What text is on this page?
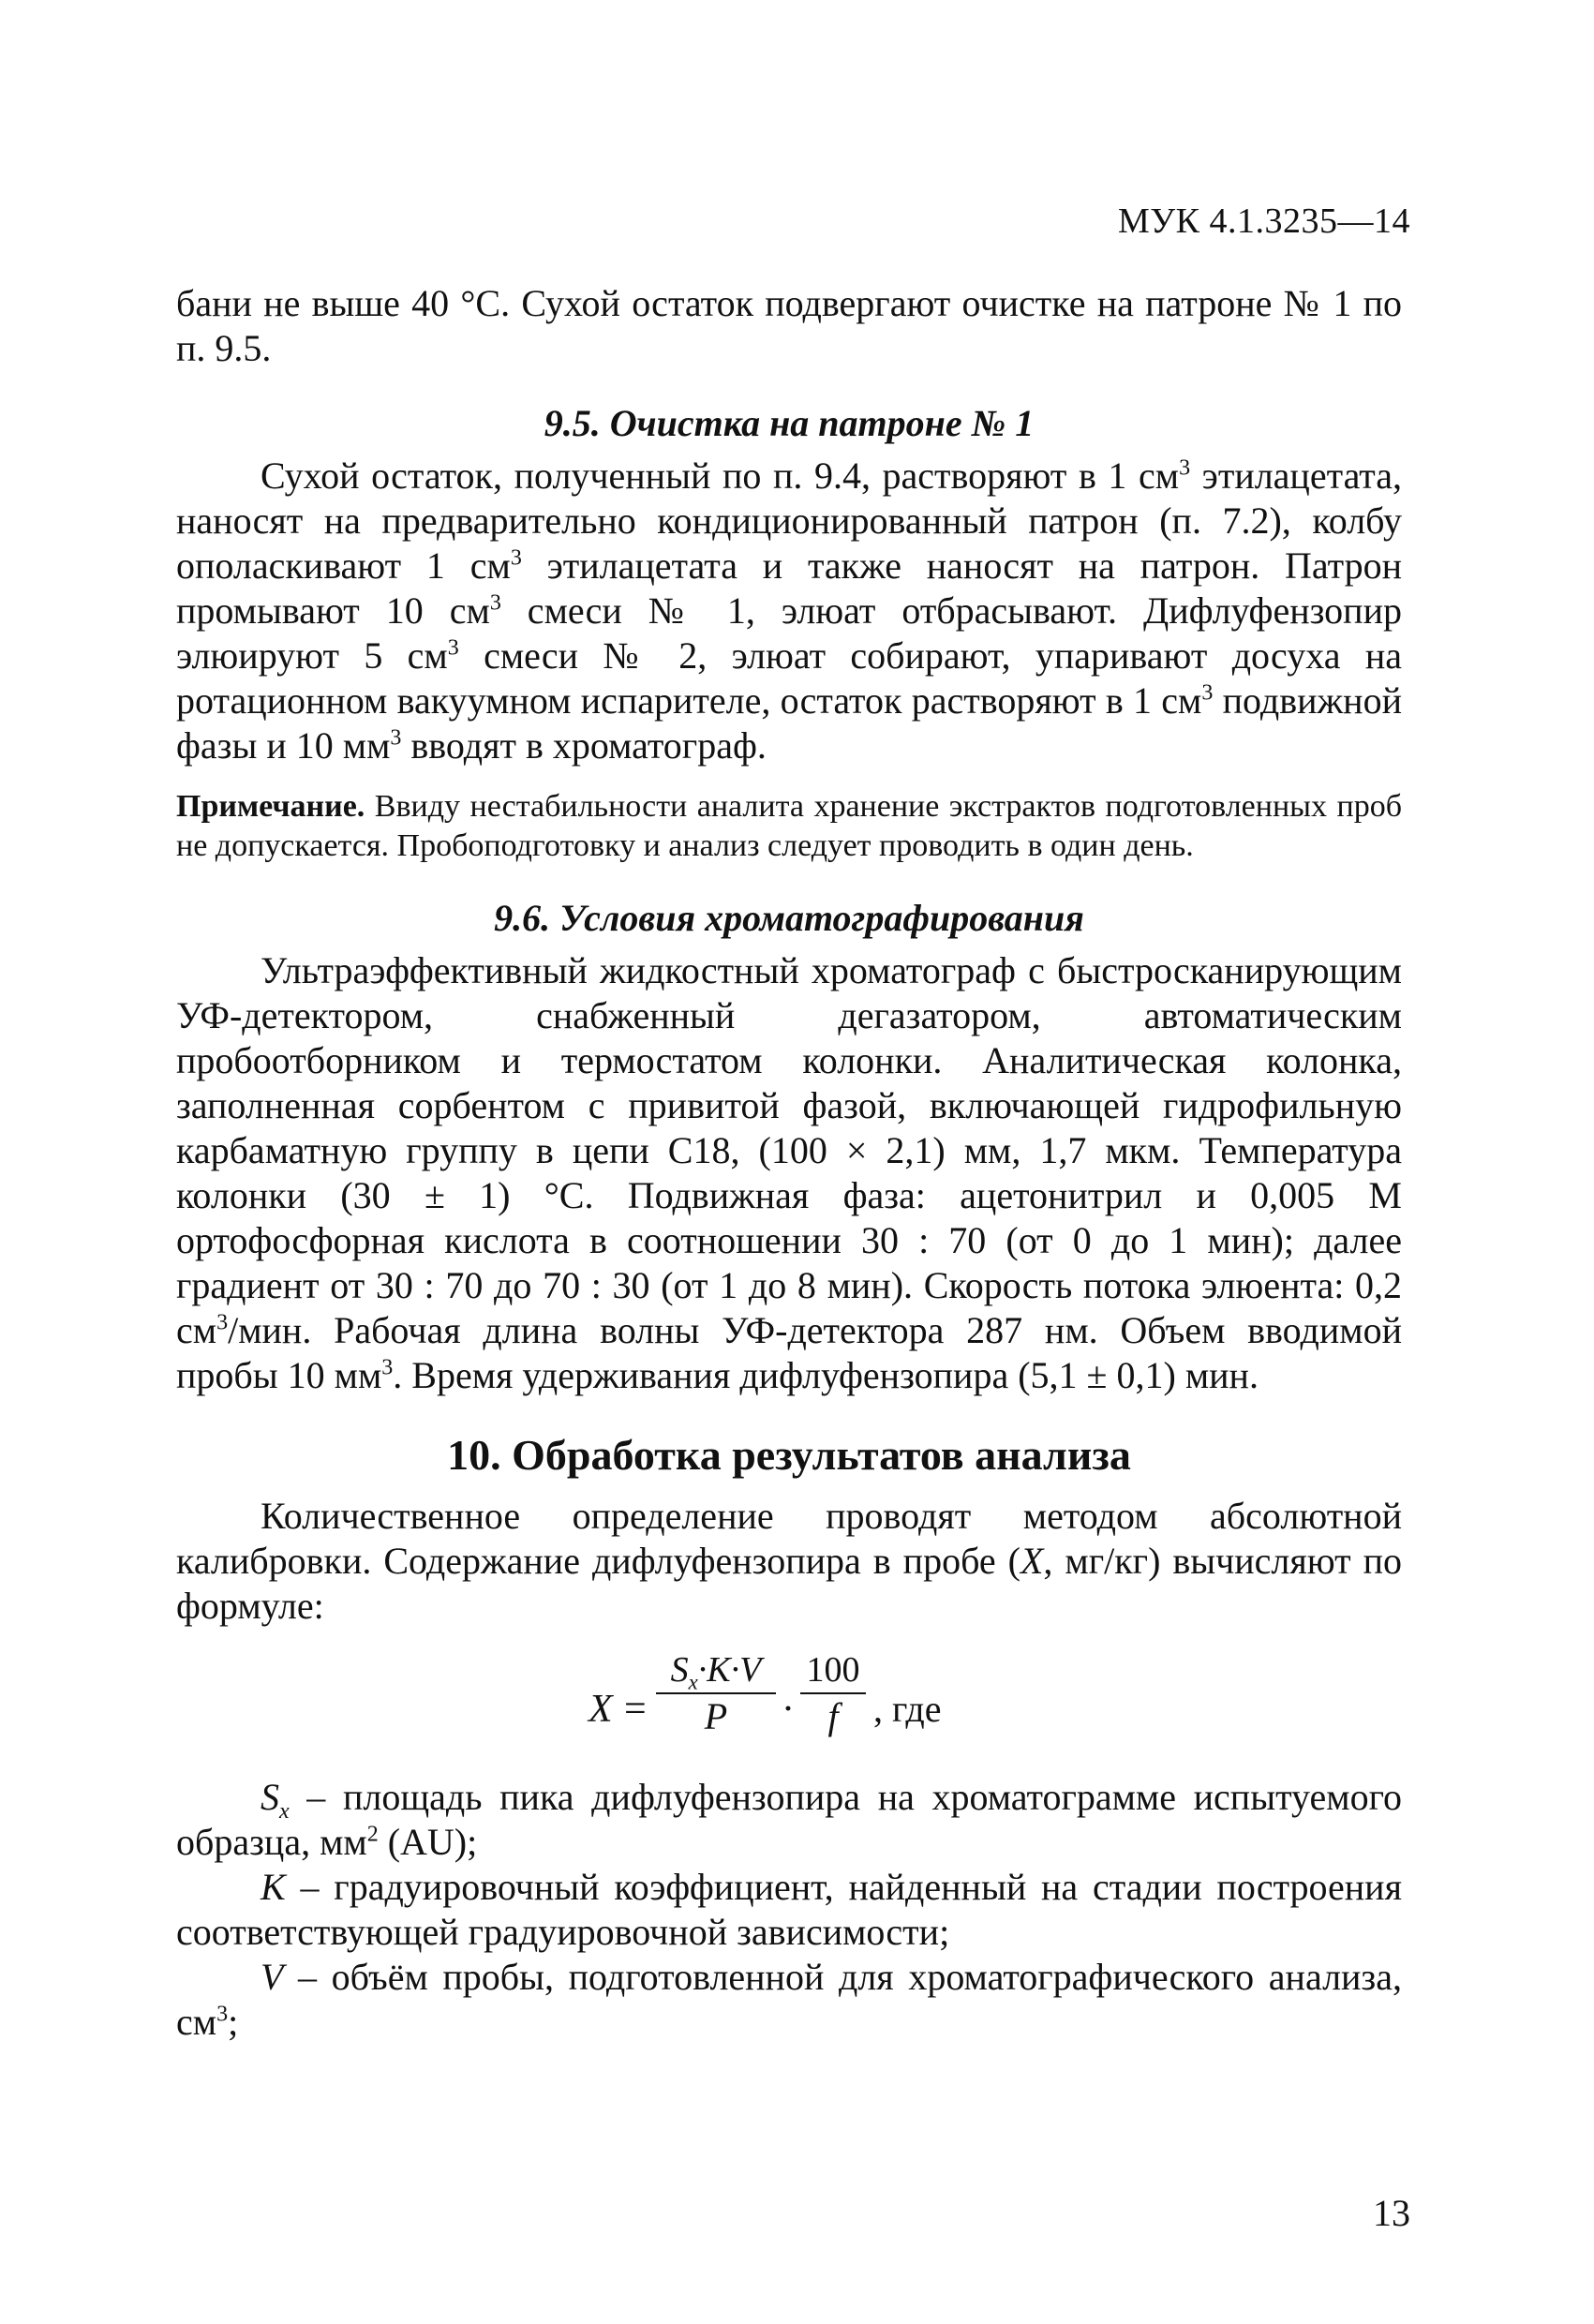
МУК 4.1.3235—14

бани не выше 40 °С. Сухой остаток подвергают очистке на патроне № 1 по п. 9.5.

9.5. Очистка на патроне № 1

Сухой остаток, полученный по п. 9.4, растворяют в 1 $см^3$ этилацетата, наносят на предварительно кондиционированный патрон (п. 7.2), колбу ополаскивают 1 $см^3$ этилацетата и также наносят на патрон. Патрон промывают 10 $см^3$ смеси № 1, элюат отбрасывают. Дифлуфензопир элюируют 5 $см^3$ смеси № 2, элюат собирают, упаривают досуха на ротационном вакуумном испарителе, остаток растворяют в 1 $см^3$ подвижной фазы и 10 $мм^3$ вводят в хроматограф.

Примечание. Ввиду нестабильности аналита хранение экстрактов подготовленных проб не допускается. Пробоподготовку и анализ следует проводить в один день.

9.6. Условия хроматографирования

Ультраэффективный жидкостный хроматограф с быстросканирующим УФ-детектором, снабженный дегазатором, автоматическим пробоотборником и термостатом колонки. Аналитическая колонка, заполненная сорбентом с привитой фазой, включающей гидрофильную карбаматную группу в цепи С18, (100 × 2,1) мм, 1,7 мкм. Температура колонки (30 ± 1) °С. Подвижная фаза: ацетонитрил и 0,005 М ортофосфорная кислота в соотношении 30 : 70 (от 0 до 1 мин); далее градиент от 30 : 70 до 70 : 30 (от 1 до 8 мин). Скорость потока элюента: 0,2 $см^3$/мин. Рабочая длина волны УФ-детектора 287 нм. Объем вводимой пробы 10 $мм^3$. Время удерживания дифлуфензопира (5,1 ± 0,1) мин.

10. Обработка результатов анализа

Количественное определение проводят методом абсолютной калибровки. Содержание дифлуфензопира в пробе (X, мг/кг) вычисляют по формуле:

X =
$S_x\cdot K\cdot V$
P	·
100
f , где

$S_x$ – площадь пика дифлуфензопира на хроматограмме испытуемого образца, $мм^2$ (AU);

K – градуировочный коэффициент, найденный на стадии построения соответствующей градуировочной зависимости;

V – объём пробы, подготовленной для хроматографического анализа, $см^3$;

13
